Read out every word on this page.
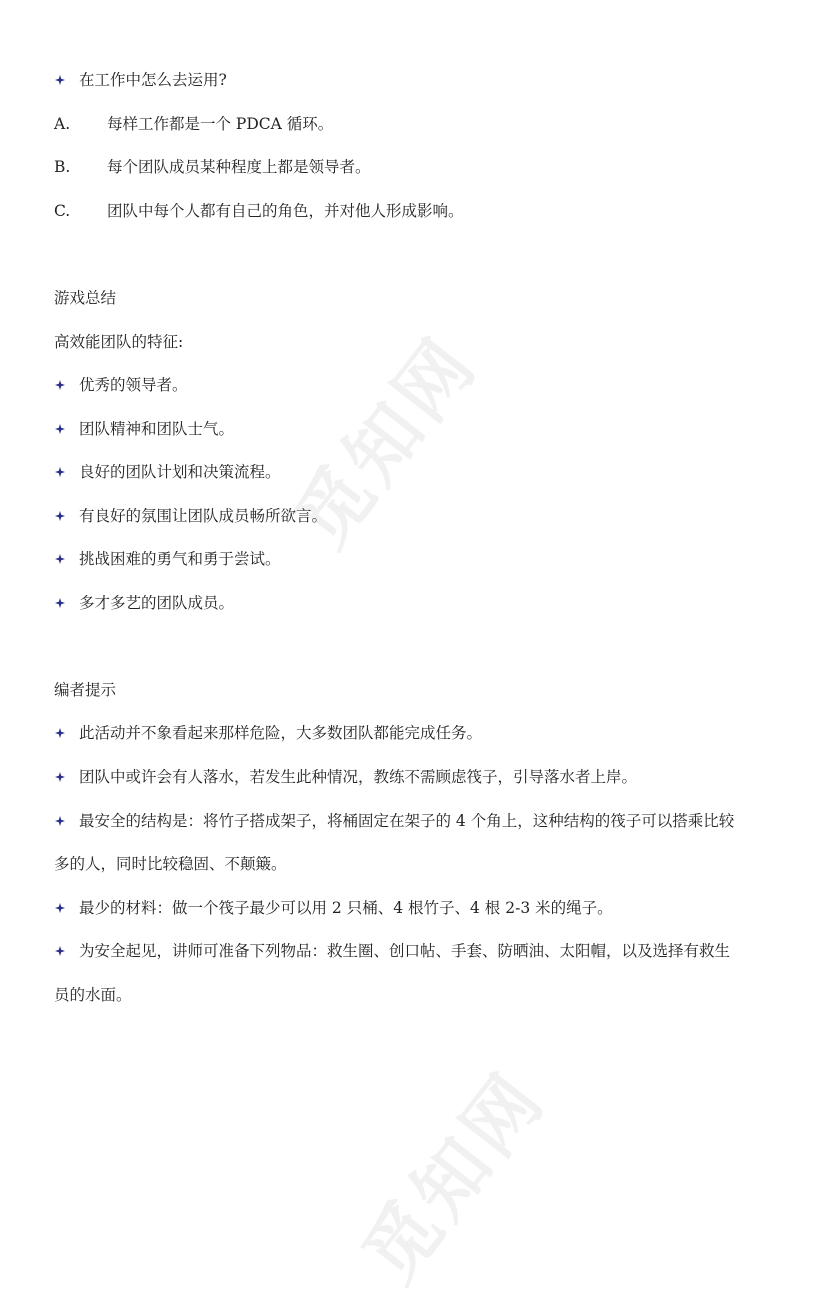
觅知网
觅知网
在工作中怎么去运用?
A. 每样工作都是一个 PDCA 循环。
B. 每个团队成员某种程度上都是领导者。
C. 团队中每个人都有自己的角色，并对他人形成影响。
游戏总结
高效能团队的特征:
优秀的领导者。
团队精神和团队士气。
良好的团队计划和决策流程。
有良好的氛围让团队成员畅所欲言。
挑战困难的勇气和勇于尝试。
多才多艺的团队成员。
编者提示
此活动并不象看起来那样危险，大多数团队都能完成任务。
团队中或许会有人落水，若发生此种情况，教练不需顾虑筏子，引导落水者上岸。
最安全的结构是：将竹子搭成架子，将桶固定在架子的 4 个角上，这种结构的筏子可以搭乘比较
多的人，同时比较稳固、不颠簸。
最少的材料：做一个筏子最少可以用 2 只桶、4 根竹子、4 根 2-3 米的绳子。
为安全起见，讲师可准备下列物品：救生圈、创口帖、手套、防晒油、太阳帽，以及选择有救生
员的水面。
